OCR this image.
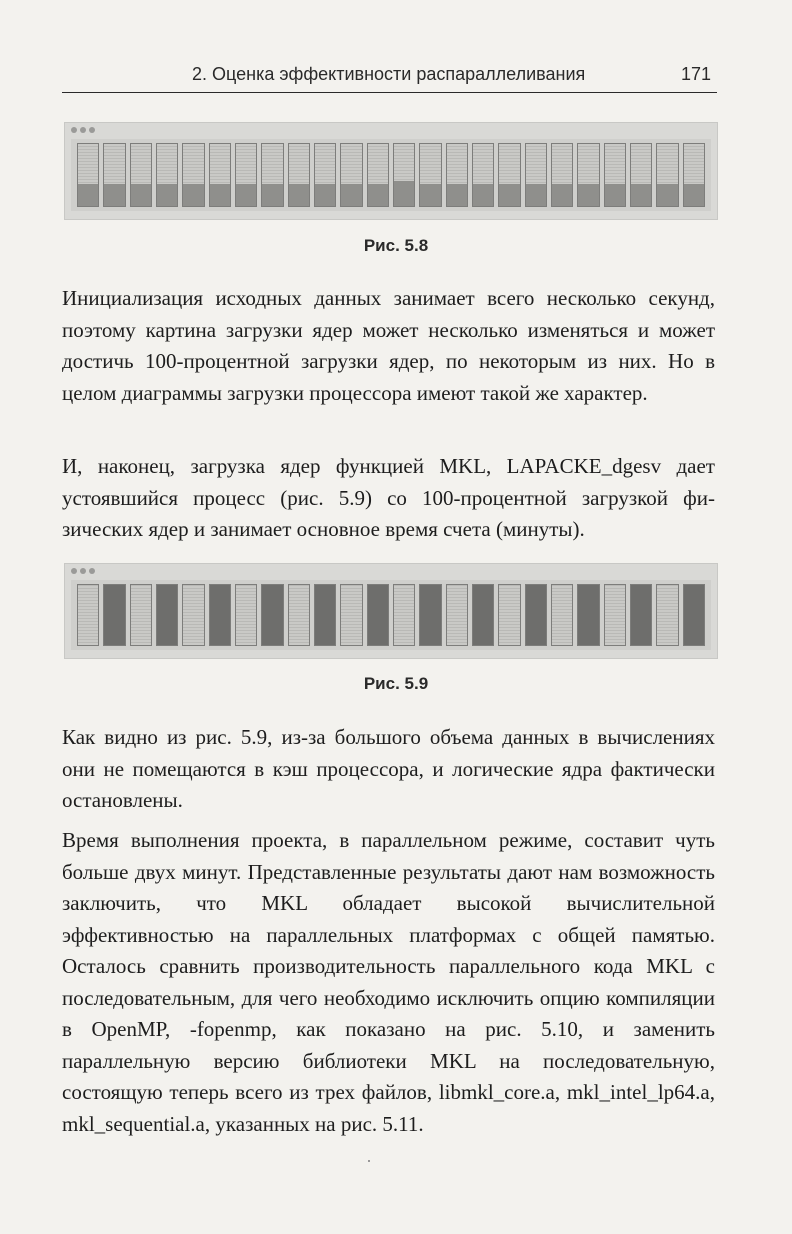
2. Оценка эффективности распараллеливания	171
Рис. 5.8

Инициализация исходных данных занимает всего несколько секунд, поэтому картина загрузки ядер может несколько изменяться и может достичь 100-процентной загрузки ядер, по некоторым из них. Но в целом диаграммы загрузки процессора имеют такой же характер.

И, наконец, загрузка ядер функцией MKL, LAPACKE_dgesv дает устоявшийся процесс (рис. 5.9) со 100-процентной загрузкой физических ядер и занимает основное время счета (минуты).

Рис. 5.9

Как видно из рис. 5.9, из-за большого объема данных в вычислениях они не помещаются в кэш процессора, и логические ядра фактически остановлены.

Время выполнения проекта, в параллельном режиме, составит чуть больше двух минут. Представленные результаты дают нам возможность заключить, что MKL обладает высокой вычислительной эффективностью на параллельных платформах с общей памятью. Осталось сравнить производительность параллельного кода MKL с последовательным, для чего необходимо исключить опцию компиляции в OpenMP, -fopenmp, как показано на рис. 5.10, и заменить параллельную версию библиотеки MKL на последовательную, состоящую теперь всего из трех файлов, libmkl_core.a, mkl_intel_lp64.a, mkl_sequential.a, указанных на рис. 5.11.
